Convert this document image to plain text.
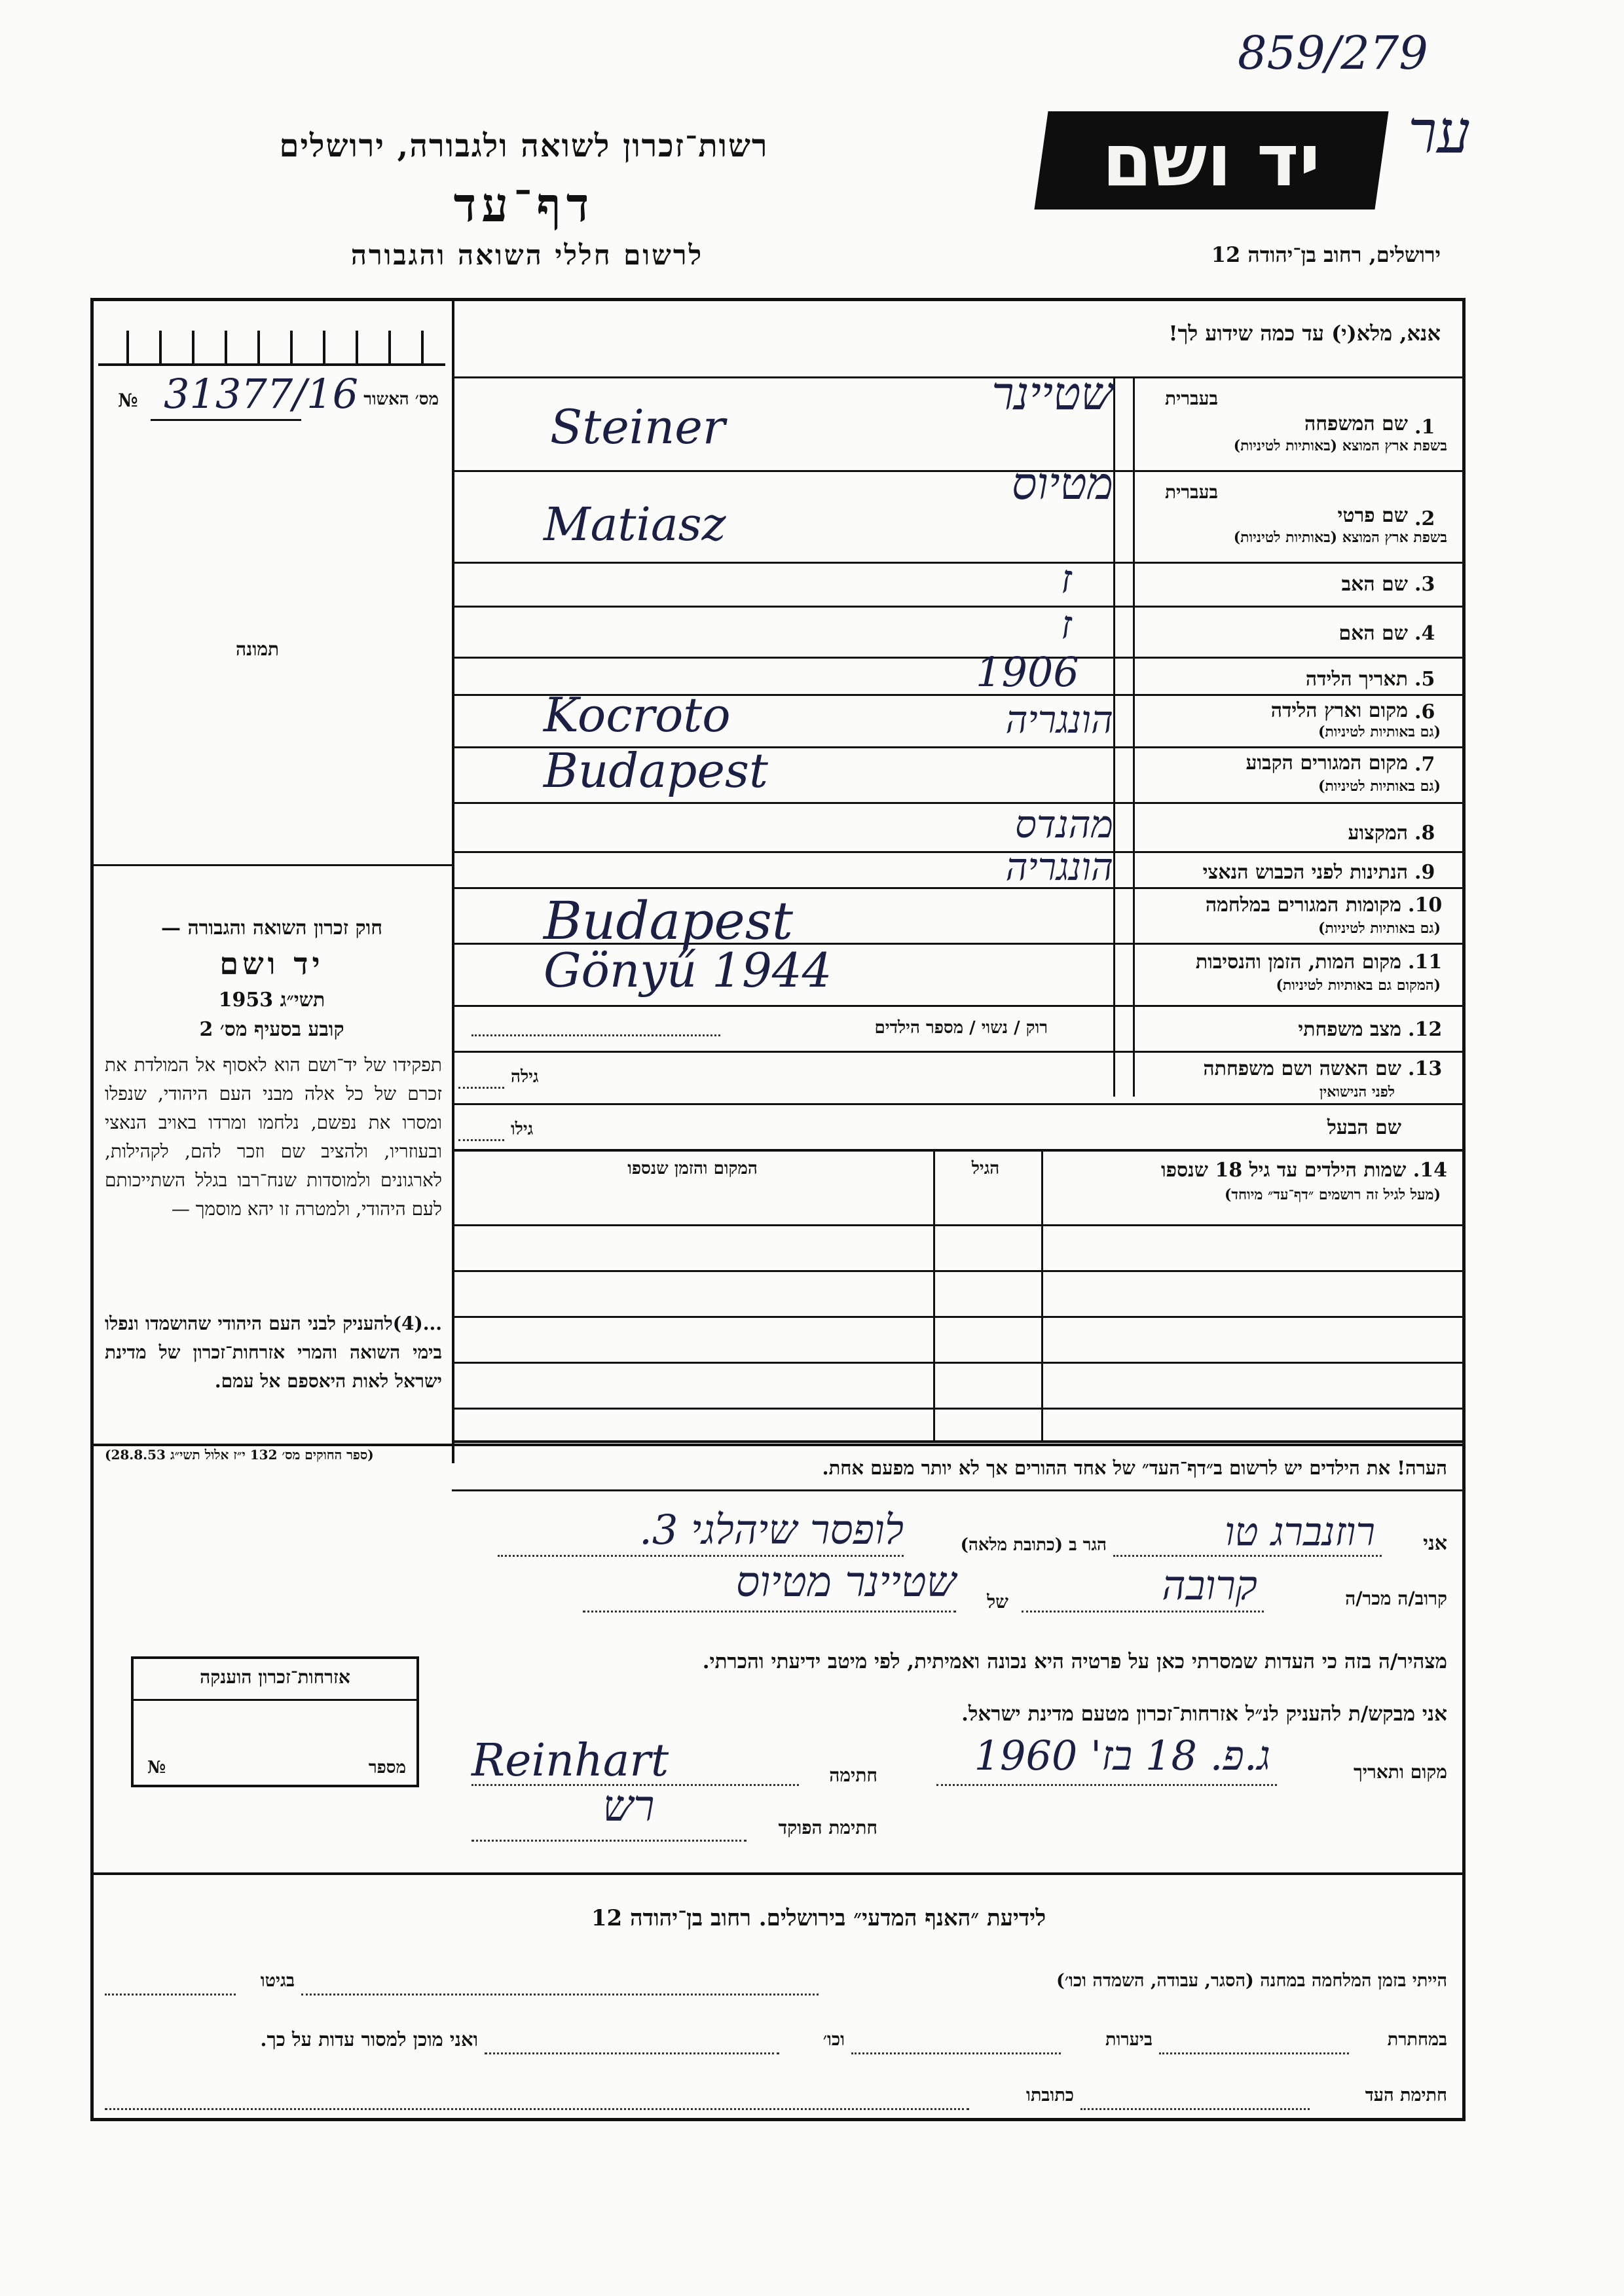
859/279
ער
יד ושם
רשות־זכרון לשואה ולגבורה, ירושלים
דף־עד
לרשום חללי השואה והגבורה	ירושלים, רחוב בן־יהודה 12
אנא, מלא(י) עד כמה שידוע לך!
№ 31377/16 מס׳ האשור
תמונה
חוק זכרון השואה והגבורה —
יד ושם
תשי״ג 1953
קובע בסעיף מס׳ 2
תפקידו של יד־ושם הוא לאסוף אל המולדת את זכרם של כל אלה מבני העם היהודי, שנפלו ומסרו את נפשם, נלחמו ומרדו באויב הנאצי ובעוזריו, ולהציב שם וזכר להם, לקהילות, לארגונים ולמוסדות שנח־רבו בגלל השתייכותם לעם היהודי, ולמטרה זו יהא מוסמך —
...(4)להעניק לבני העם היהודי שהושמדו ונפלו בימי השואה והמרי אזרחות־זכרון של מדינת ישראל לאות היאספם אל עמם.
(ספר החוקים מס׳ 132 י״ז אלול תשי״ג 28.8.53)
1.
שם המשפחה
בשפת ארץ המוצא (באותיות לטיניות)
בעברית
שטיינר
Steiner
2.
שם פרטי
בשפת ארץ המוצא (באותיות לטיניות)
בעברית
מטיוס
Matiasz
3.
שם האב
ז
4.
שם האם
ז
5.
תאריך הלידה
1906
6.
מקום וארץ הלידה
(גם באותיות לטיניות)
הונגריה
Kocroto
7.
מקום המגורים הקבוע
(גם באותיות לטיניות)
Budapest
8.
המקצוע
מהנדס
9.
הנתינות לפני הכבוש הנאצי
הונגריה
10.
מקומות המגורים במלחמה
(גם באותיות לטיניות)
Budapest
11.
מקום המות, הזמן והנסיבות
(המקום גם באותיות לטיניות)
Gönyű 1944
12.
מצב משפחתי
רוק / נשוי / מספר הילדים
13.
שם האשה ושם משפחתה
לפני הנישואין
גילה
שם הבעל
גילו
14. שמות הילדים עד גיל 18 שנספו
(מעל לגיל זה רושמים ״דף־עד״ מיוחד)
הגיל
המקום והזמן שנספו
הערה! את הילדים יש לרשום ב״דף־העד״ של אחד ההורים אך לא יותר מפעם אחת.
אני
רוזנברג טו
הגר ב (כתובת מלאה)
לופסר שיהלגי 3.
קרוב/ה מכר/ה
קרובה
של
שטיינר מטיוס
מצהיר/ה בזה כי העדות שמסרתי כאן על פרטיה היא נכונה ואמיתית, לפי מיטב ידיעתי והכרתי.
אני מבקש/ת להעניק לנ״ל אזרחות־זכרון מטעם מדינת ישראל.
מקום ותאריך
ג.פ. 18 בז' 1960
חתימה
Reinhart
חתימת הפוקד
רש
אזרחות־זכרון הוענקה
מספר
№
לידיעת ״האנף המדעי״ בירושלים. רחוב בן־יהודה 12
הייתי בזמן המלחמה במחנה (הסגר, עבודה, השמדה וכו׳)
בגיטו
במחתרת
ביערות
וכו׳
ואני מוכן למסור עדות על כך.
חתימת העד
כתובתו
